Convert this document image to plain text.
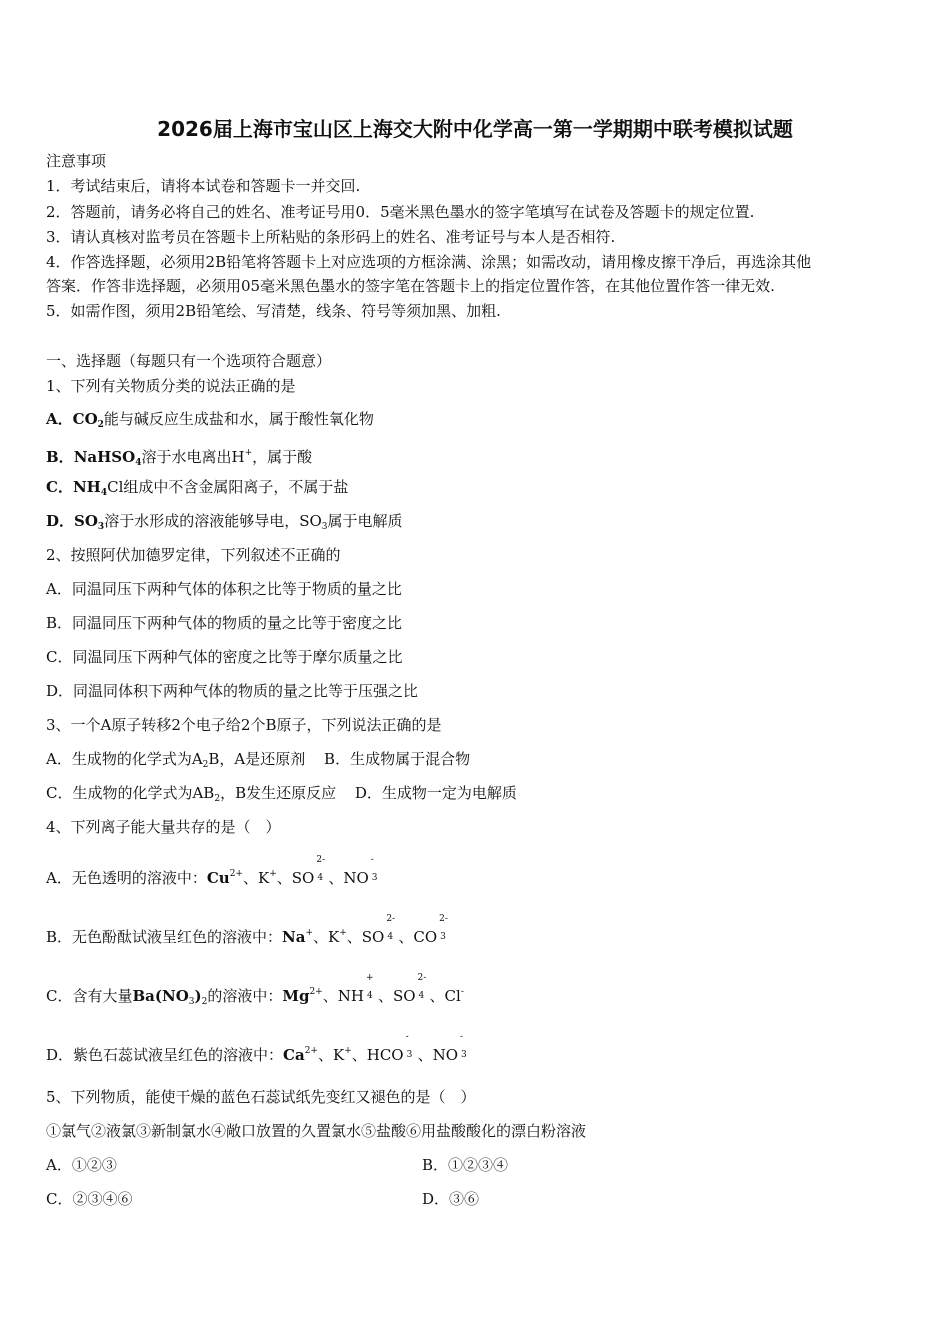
2026届上海市宝山区上海交大附中化学高一第一学期期中联考模拟试题
注意事项
1．考试结束后，请将本试卷和答题卡一并交回.
2．答题前，请务必将自己的姓名、准考证号用0．5毫米黑色墨水的签字笔填写在试卷及答题卡的规定位置.
3．请认真核对监考员在答题卡上所粘贴的条形码上的姓名、准考证号与本人是否相符.
4．作答选择题，必须用2B铅笔将答题卡上对应选项的方框涂满、涂黑；如需改动，请用橡皮擦干净后，再选涂其他
答案．作答非选择题，必须用05毫米黑色墨水的签字笔在答题卡上的指定位置作答，在其他位置作答一律无效.
5．如需作图，须用2B铅笔绘、写清楚，线条、符号等须加黑、加粗.
一、选择题（每题只有一个选项符合题意）
1、下列有关物质分类的说法正确的是
A．$CO_2$能与碱反应生成盐和水，属于酸性氧化物
B．NaHSO$_4$溶于水电离出H+，属于酸
C．$NH_4Cl$组成中不含金属阳离子，不属于盐
D．$SO_3$溶于水形成的溶液能够导电，$SO_3$属于电解质
2、按照阿伏加德罗定律，下列叙述不正确的
A．同温同压下两种气体的体积之比等于物质的量之比
B．同温同压下两种气体的物质的量之比等于密度之比
C．同温同压下两种气体的密度之比等于摩尔质量之比
D．同温同体积下两种气体的物质的量之比等于压强之比
3、一个A原子转移2个电子给2个B原子，下列说法正确的是
A．生成物的化学式为$A_2B$，A是还原剂 B．生成物属于混合物
C．生成物的化学式为$AB_2$，B发生还原反应 D．生成物一定为电解质
4、下列离子能大量共存的是（　）
A．无色透明的溶液中：$Cu^{2+}$、K+、SO
2-
4 、NO
-
3
B．无色酚酞试液呈红色的溶液中：Na+、K+、SO
2-
4 、CO
2-
3
C．含有大量$Ba(NO_3)_2$的溶液中：$Mg^{2+}$、NH
+
4 、SO
2-
4 、Cl-
D．紫色石蕊试液呈红色的溶液中：$Ca^{2+}$、K+、HCO
-
3 、NO
-
3
5、下列物质，能使干燥的蓝色石蕊试纸先变红又褪色的是（　）
①氯气②液氯③新制氯水④敞口放置的久置氯水⑤盐酸⑥用盐酸酸化的漂白粉溶液
A．①②③	B．①②③④
C．②③④⑥	D．③⑥
